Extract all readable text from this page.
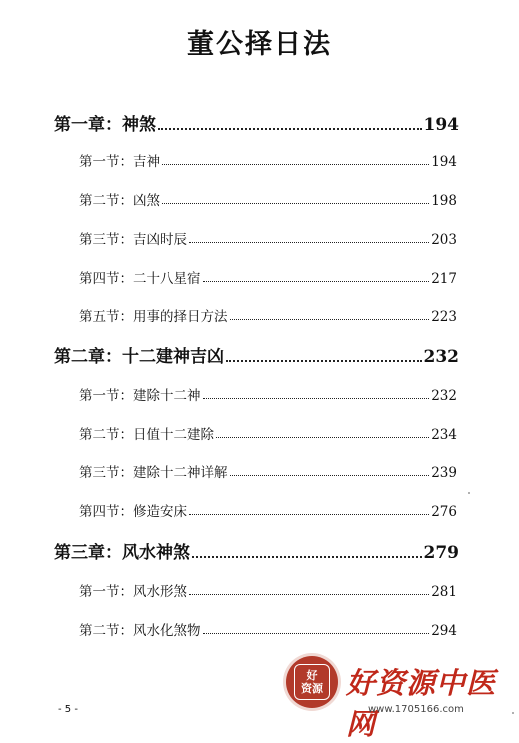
董公择日法
第一章：神煞	194
第一节：吉神	194
第二节：凶煞	198
第三节：吉凶时辰	203
第四节：二十八星宿	217
第五节：用事的择日方法	223
第二章：十二建神吉凶	232
第一节：建除十二神	232
第二节：日值十二建除	234
第三节：建除十二神详解	239
第四节：修造安床	276
第三章：风水神煞	279
第一节：风水形煞	281
第二节：风水化煞物	294
- 5 -
好
资源 好资源中医网
www.1705166.com
